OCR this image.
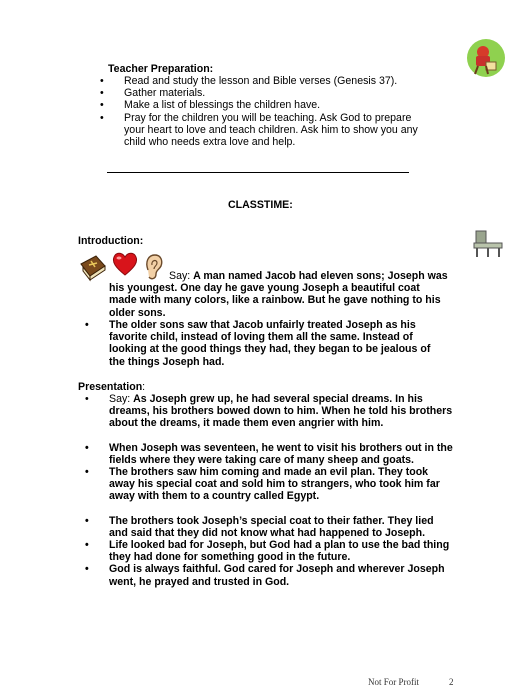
Teacher Preparation:
• Read and study the lesson and Bible verses (Genesis 37).
• Gather materials.
• Make a list of blessings the children have.
• Pray for the children you will be teaching. Ask God to prepare your heart to love and teach children. Ask him to show you any child who needs extra love and help.
CLASSTIME:
Introduction:
Say: A man named Jacob had eleven sons; Joseph was his youngest. One day he gave young Joseph a beautiful coat made with many colors, like a rainbow. But he gave nothing to his older sons.
• The older sons saw that Jacob unfairly treated Joseph as his favorite child, instead of loving them all the same. Instead of looking at the good things they had, they began to be jealous of the things Joseph had.
Presentation:
• Say: As Joseph grew up, he had several special dreams. In his dreams, his brothers bowed down to him. When he told his brothers about the dreams, it made them even angrier with him.
• When Joseph was seventeen, he went to visit his brothers out in the fields where they were taking care of many sheep and goats.
• The brothers saw him coming and made an evil plan. They took away his special coat and sold him to strangers, who took him far away with them to a country called Egypt.
• The brothers took Joseph’s special coat to their father. They lied and said that they did not know what had happened to Joseph.
• Life looked bad for Joseph, but God had a plan to use the bad thing they had done for something good in the future.
• God is always faithful. God cared for Joseph and wherever Joseph went, he prayed and trusted in God.
Not For Profit	2
